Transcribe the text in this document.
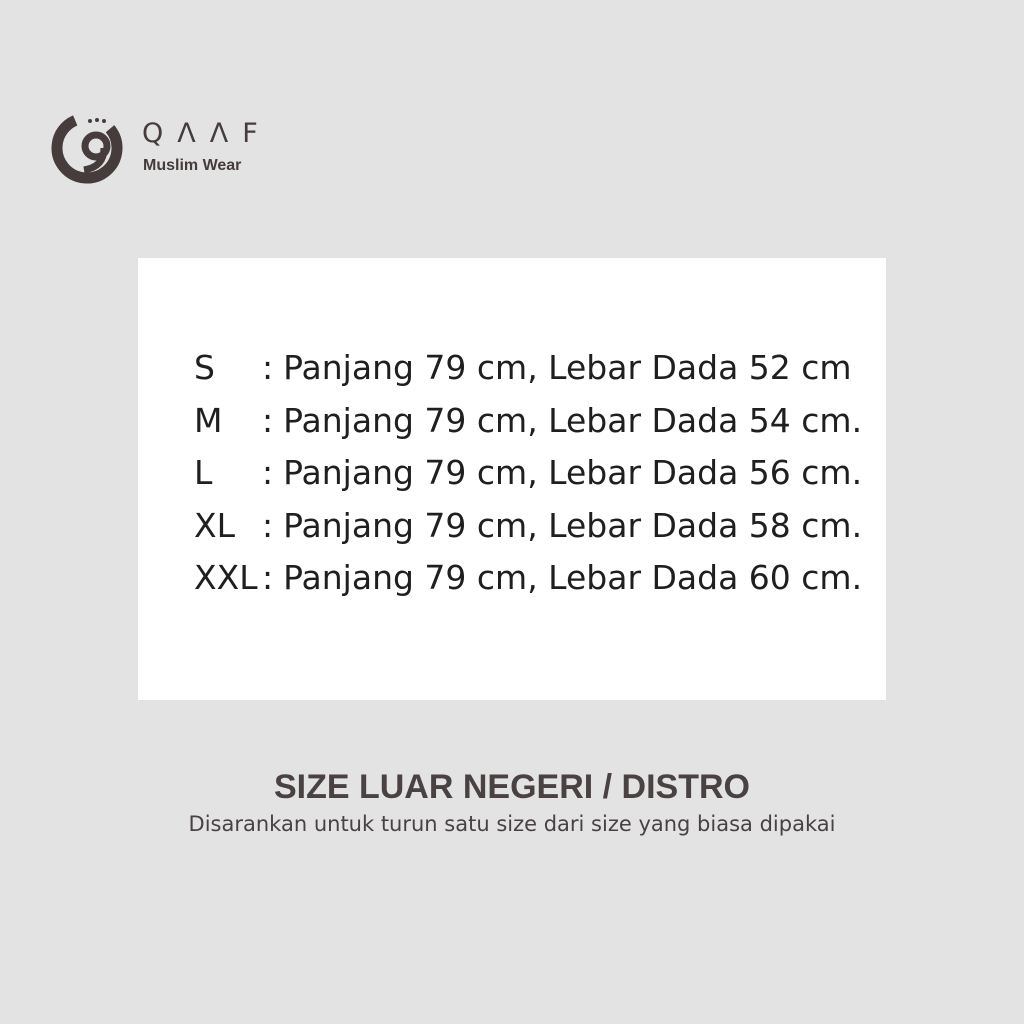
QΛΛF
Muslim Wear
S	: Panjang 79 cm, Lebar Dada 52 cm
M	: Panjang 79 cm, Lebar Dada 54 cm.
L	: Panjang 79 cm, Lebar Dada 56 cm.
XL : Panjang 79 cm, Lebar Dada 58 cm.
XXL : Panjang 79 cm, Lebar Dada 60 cm.
SIZE LUAR NEGERI / DISTRO
Disarankan untuk turun satu size dari size yang biasa dipakai
